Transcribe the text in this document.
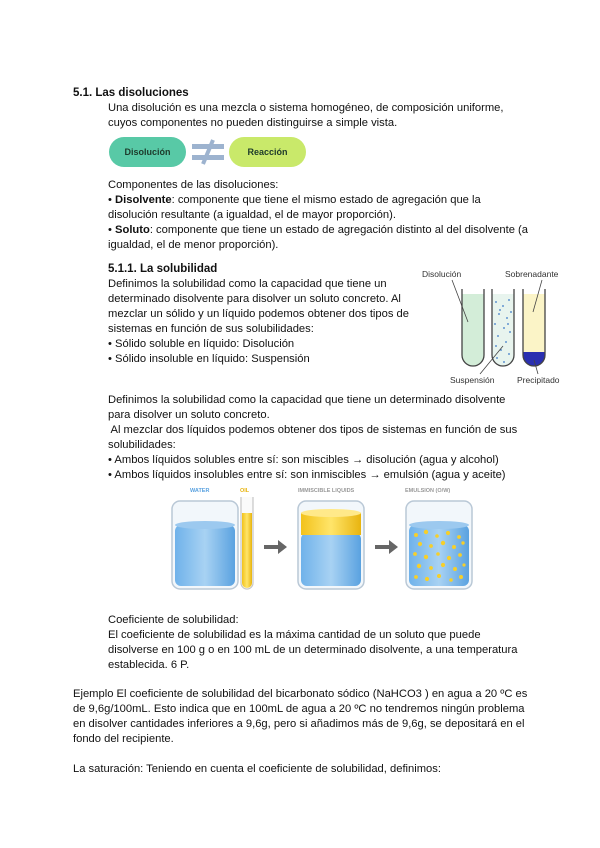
5.1. Las disoluciones

Una disolución es una mezcla o sistema homogéneo, de composición uniforme,

cuyos componentes no pueden distinguirse a simple vista.

Disolución	Reacción

Componentes de las disoluciones:

• Disolvente: componente que tiene el mismo estado de agregación que la

disolución resultante (a igualdad, el de mayor proporción).

• Soluto: componente que tiene un estado de agregación distinto al del disolvente (a

igualdad, el de menor proporción).

5.1.1. La solubilidad

Definimos la solubilidad como la capacidad que tiene un

determinado disolvente para disolver un soluto concreto. Al

mezclar un sólido y un líquido podemos obtener dos tipos de

sistemas en función de sus solubilidades:

• Sólido soluble en líquido: Disolución

• Sólido insoluble en líquido: Suspensión

Disolución	Sobrenadante
Suspensión	Precipitado

Definimos la solubilidad como la capacidad que tiene un determinado disolvente

para disolver un soluto concreto.

Al mezclar dos líquidos podemos obtener dos tipos de sistemas en función de sus

solubilidades:

• Ambos líquidos solubles entre sí: son miscibles → disolución (agua y alcohol)

• Ambos líquidos insolubles entre sí: son inmiscibles → emulsión (agua y aceite)

WATER	OIL	IMMISCIBLE LIQUIDS	EMULSION (O/W)

Coeficiente de solubilidad:

El coeficiente de solubilidad es la máxima cantidad de un soluto que puede

disolverse en 100 g o en 100 mL de un determinado disolvente, a una temperatura

establecida. 6 P.

Ejemplo El coeficiente de solubilidad del bicarbonato sódico (NaHCO3 ) en agua a 20 ºC es

de 9,6g/100mL. Esto indica que en 100mL de agua a 20 ºC no tendremos ningún problema

en disolver cantidades inferiores a 9,6g, pero si añadimos más de 9,6g, se depositará en el

fondo del recipiente.

La saturación: Teniendo en cuenta el coeficiente de solubilidad, definimos:
